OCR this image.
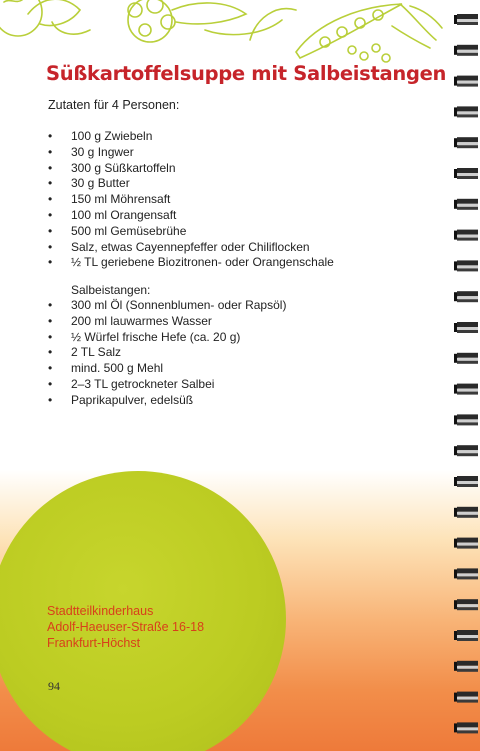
Süßkartoffelsuppe mit Salbeistangen
Zutaten für 4 Personen:
• 100 g Zwiebeln
• 30 g Ingwer
• 300 g Süßkartoffeln
• 30 g Butter
• 150 ml Möhrensaft
• 100 ml Orangensaft
• 500 ml Gemüsebrühe
• Salz, etwas Cayennepfeffer oder Chiliflocken
• ½ TL geriebene Biozitronen- oder Orangenschale
Salbeistangen:
• 300 ml Öl (Sonnenblumen- oder Rapsöl)
• 200 ml lauwarmes Wasser
• ½ Würfel frische Hefe (ca. 20 g)
• 2 TL Salz
• mind. 500 g Mehl
• 2–3 TL getrockneter Salbei
• Paprikapulver, edelsüß
Stadtteilkinderhaus
Adolf-Haeuser-Straße 16-18
Frankfurt-Höchst
94
